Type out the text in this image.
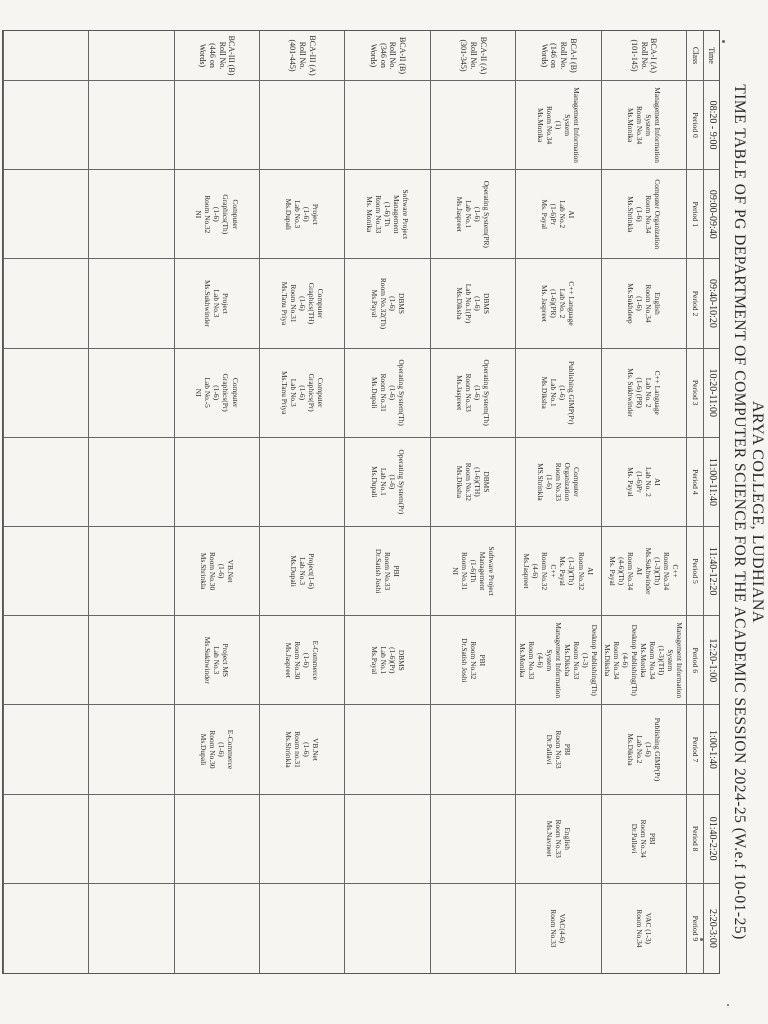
ARYA COLLEGE, LUDHIANA
TIME TABLE OF PG DEPARTMENT OF COMPUTER SCIENCE FOR THE ACADEMIC SESSION 2024-25 (W.e.f 10-01-25)
Time
08:20 - 9:00
09:00-09:40
09:40-10:20
10:20-11:00
11:00-11:40
11:40-12:20
12:20-1:00
1:00-1:40
01:40-2:20
2:20-3:00
Class
Period 0
Period 1
Period 2
Period 3
Period 4
Period 5
Period 6
Period 7
Period 8
Period 9
BCA-I (A)
Roll No.
(101-145)
Management Information
System
Room No.34
Ms.Monika
Computer Organization
Room No.34
(1-6)
Ms.Shrinkla
English
Room No.34
(1-6)
Ms.Sukhdeep
C++ Language
Lab No. 2
(1-6) (PR)
Ms. Sukhwinder
AI
Lab No. 2
(1-6)Pr
Ms. Payal
C++
Room No.34
(1-3)(Th)
Ms.Sukhwinder
AI
Room No.34
(4-6)(Th)
Ms. Payal
Management Information
System
(1-3)(TH)
Room No.34
Ms.Monika
Desktop Publishing(Th)
(4-6)
Room No.34
Ms.Diksha
Publishing GIMP(Pr)
(1-6)
Lab No.2
Ms.Diksha
PBI
Room No.34
Dr.Pallavi
VAC (1-3)
Room No.34
BCA-I (B)
Roll No.
(146 on Words)
Management Information
System
(1)
Room No.34
Ms.Monika
AI
Lab No.2
(1-6)Pr
Ms. Payal
C++ Language
Lab No. 2
(1-6)(PR)
Ms. Jaspreet
Publishing GIMP(Pr)
(1-6)
Lab No.1
Ms.Diksha
Computer
Organization
Room No.33
(1-6)
MS.Shrinkla
AI
Room No.32
(1-3)(Th)
Ms. Payal
C++
Room No.32
(4-6)
Ms.Jaspreet
Desktop Publishing(Th)
(1-3)
Room No.33
Ms.Diksha
Management Information
System
(4-6)
Room No.33
Ms.Monika
PBI
Room No.33
Dr.Pallavi
English
Room No.33
Ms.Navneet
VAC(4-6)
Room No.33
BCA-II (A)
Roll No.
(301-345)
Operating System(PR)
(1-6)
Lab No.1
Ms.Jaspreet
DBMS
(1-6)
Lab No.1(Pr)
Ms.Diksha
Operating System(Th)
(1-6)
Room No.33
Ms.Jaspreet
DBMS
(1-6)(TH)
Room No.32
Ms.Diksha
Software Project
Management
(1-6)Th
Room No.31
NI
PBI
Room No.32
Dr.Satish Joshi
BCA-II (B)
Roll No.
(346 on Words)
Software Project
Management
(1-6) Th
Room No.33
Ms. Monika
DBMS
(1-6)
Room No.32(Th)
Ms.Payal
Operating System(Th)
(1-6)
Room No.31
Ms.Dupali
Operating System(Pr)
(1-6)
Lab No.1
Ms.Dupali
PBI
Room No.33
Dr.Satish Joshi
DBMS
(1-6)(Pr)
Lab No.1
Ms.Payal
BCA-III (A)
Roll No.
(401-445)
Project
(1-6)
Lab No.3
Ms.Dupali
Computer
Graphics(TH)
(1-6)
Room No.31
Ms.Tanu Priya
Computer
Graphics(Pr)
(1-6)
Lab No.3
Ms.Tanu Priya
Project(1-6)
Lab No.3
Ms.Dupali
E-Commerce
(1-6)
Room No.30
Ms.Jaspreet
VB.Net
(1-6)
Room no.31
Ms.Shrinkla
BCA-III (B)
Roll No.
(446 on Words)
Computer
Graphics(Th)
(1-6)
Room No.32
NI
Project
Lab No.3
Ms.Sukhwinder
Computer
Graphics(Pr)
(1-6)
Lab No.-5
NI
VB.Net
(1-6)
Room No.30
Ms.Shrinkla
Project MS
Lab No.3
Ms.Sukhwinder
E-Commerce
(1-6)
Room No.30
Ms.Dupali
